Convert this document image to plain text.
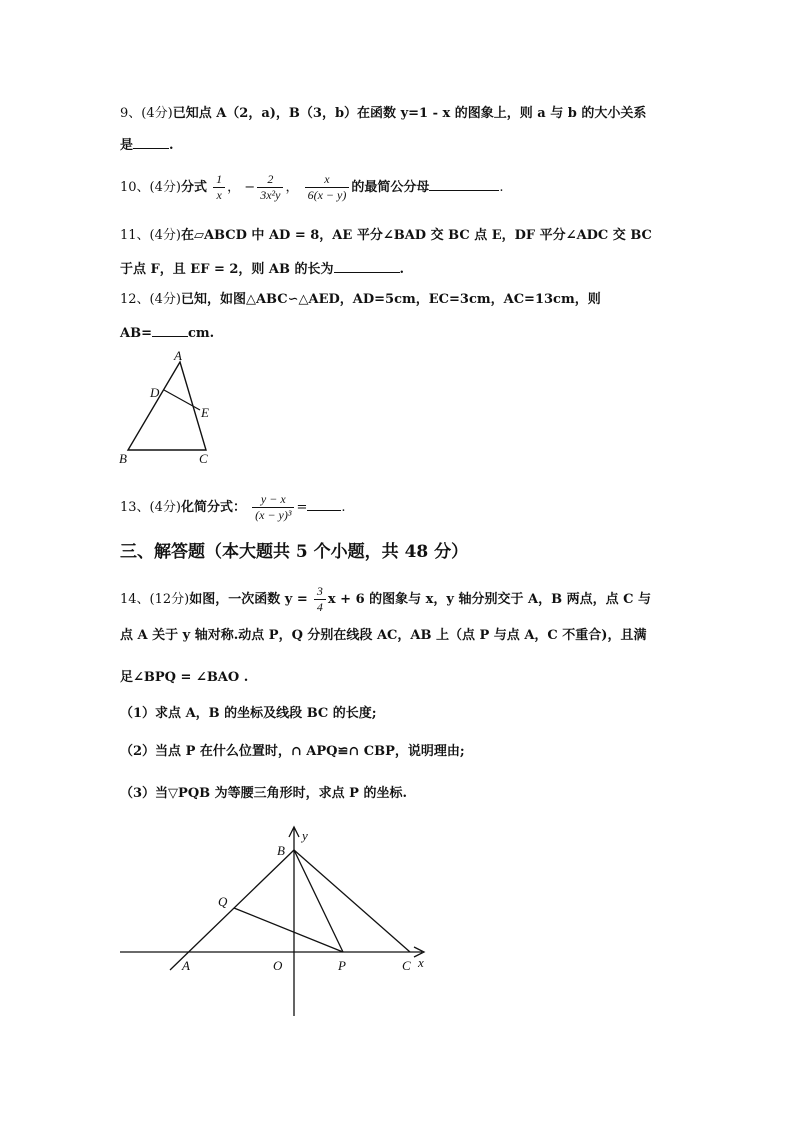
9、(4分)已知点 A（2，a)，B（3，b）在函数 y=1 - x 的图象上，则 a 与 b 的大小关系
是	.
10、(4分)分式 $\frac{1}{x}$ ， − $\frac{2}{\text{3x²y}}$ ， $\frac{x}{6(x - y)}$ 的最简公分母	.
11、(4分)在▱ABCD 中 AD = 8，AE 平分∠BAD 交 BC 点 E，DF 平分∠ADC 交 BC
于点 F，且 EF = 2，则 AB 的长为	.
12、(4分)已知，如图△ABC∽△AED，AD=5cm，EC=3cm，AC=13cm，则
AB=	cm.
A
D
E
B	C
13、(4分)化简分式： $\frac{y - x}{\text{(x − y)³}}$ =	.
三、解答题（本大题共 5 个小题，共 48 分）
14、(12分)如图，一次函数 $y = \frac{3}{4}$ x + 6 的图象与 x，y 轴分别交于 A，B 两点，点 C 与
点 A 关于 y 轴对称.动点 P，Q 分别在线段 AC，AB 上（点 P 与点 A，C 不重合)，且满
足∠BPQ = ∠BAO .
（1）求点 A，B 的坐标及线段 BC 的长度;
（2）当点 P 在什么位置时，∩ APQ≌∩ CBP，说明理由;
（3）当▽PQB 为等腰三角形时，求点 P 的坐标.
B
y
Q
A	O	P	C x
